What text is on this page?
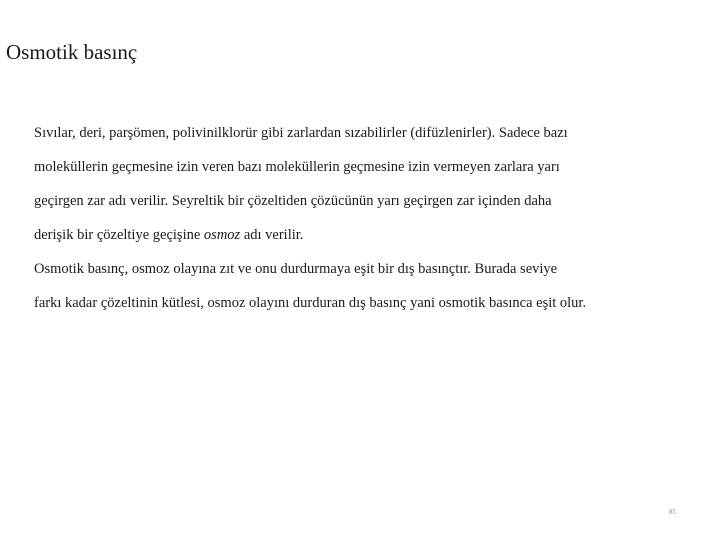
Osmotik basınç
Sıvılar, deri, parşömen, polivinilklorür gibi zarlardan sızabilirler (difüzlenirler). Sadece bazı
moleküllerin geçmesine izin veren bazı moleküllerin geçmesine izin vermeyen zarlara yarı
geçirgen zar adı verilir. Seyreltik bir çözeltiden çözücünün yarı geçirgen zar içinden daha
derişik bir çözeltiye geçişine osmoz adı verilir.
Osmotik basınç, osmoz olayına zıt ve onu durdurmaya eşit bir dış basınçtır. Burada seviye
farkı kadar çözeltinin kütlesi, osmoz olayını durduran dış basınç yani osmotik basınca eşit olur.
85
